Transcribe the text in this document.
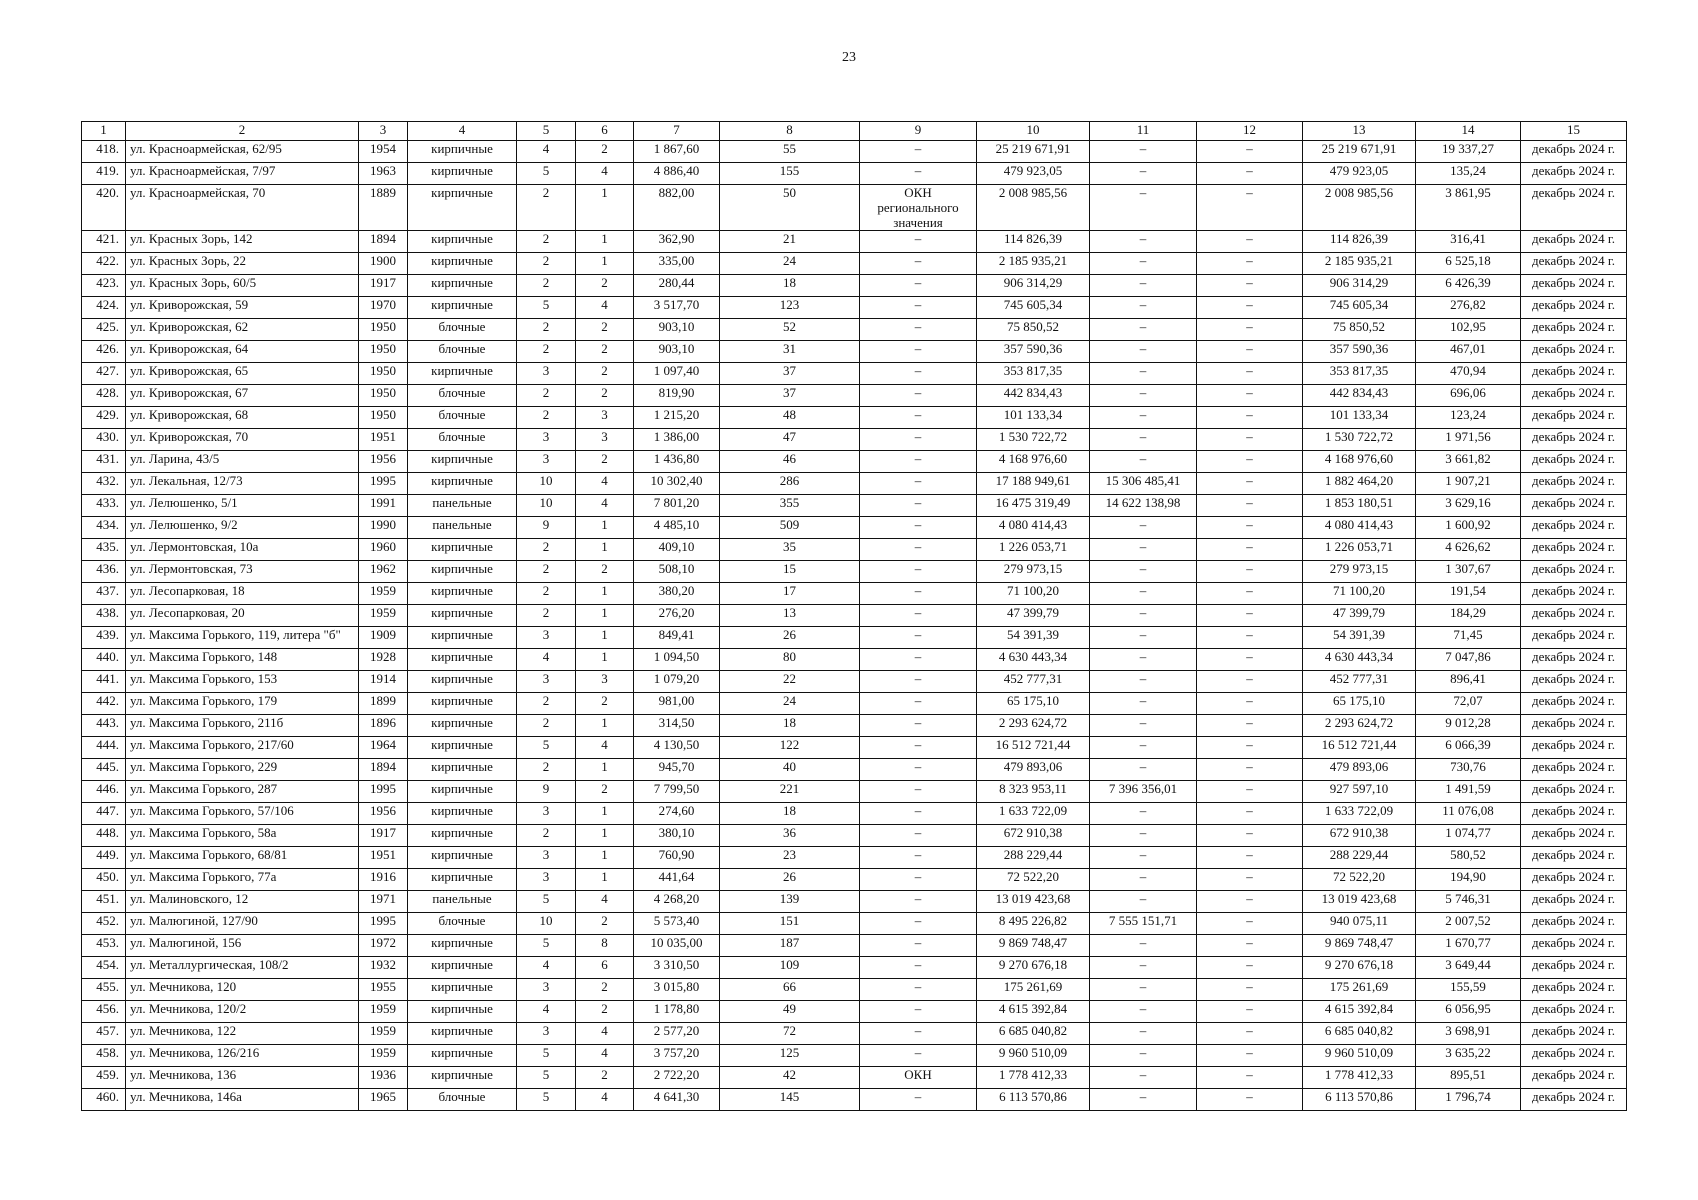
23
1	2	3	4	5	6	7	8	9	10	11	12	13	14	15
418.	ул. Красноармейская, 62/95	1954	кирпичные	4	2	1 867,60	55	–	25 219 671,91	–	–	25 219 671,91	19 337,27	декабрь 2024 г.
419.	ул. Красноармейская, 7/97	1963	кирпичные	5	4	4 886,40	155	–	479 923,05	–	–	479 923,05	135,24	декабрь 2024 г.
420.	ул. Красноармейская, 70	1889	кирпичные	2	1	882,00	50	ОКН регионального значения	2 008 985,56	–	–	2 008 985,56	3 861,95	декабрь 2024 г.
421.	ул. Красных Зорь, 142	1894	кирпичные	2	1	362,90	21	–	114 826,39	–	–	114 826,39	316,41	декабрь 2024 г.
422.	ул. Красных Зорь, 22	1900	кирпичные	2	1	335,00	24	–	2 185 935,21	–	–	2 185 935,21	6 525,18	декабрь 2024 г.
423.	ул. Красных Зорь, 60/5	1917	кирпичные	2	2	280,44	18	–	906 314,29	–	–	906 314,29	6 426,39	декабрь 2024 г.
424.	ул. Криворожская, 59	1970	кирпичные	5	4	3 517,70	123	–	745 605,34	–	–	745 605,34	276,82	декабрь 2024 г.
425.	ул. Криворожская, 62	1950	блочные	2	2	903,10	52	–	75 850,52	–	–	75 850,52	102,95	декабрь 2024 г.
426.	ул. Криворожская, 64	1950	блочные	2	2	903,10	31	–	357 590,36	–	–	357 590,36	467,01	декабрь 2024 г.
427.	ул. Криворожская, 65	1950	кирпичные	3	2	1 097,40	37	–	353 817,35	–	–	353 817,35	470,94	декабрь 2024 г.
428.	ул. Криворожская, 67	1950	блочные	2	2	819,90	37	–	442 834,43	–	–	442 834,43	696,06	декабрь 2024 г.
429.	ул. Криворожская, 68	1950	блочные	2	3	1 215,20	48	–	101 133,34	–	–	101 133,34	123,24	декабрь 2024 г.
430.	ул. Криворожская, 70	1951	блочные	3	3	1 386,00	47	–	1 530 722,72	–	–	1 530 722,72	1 971,56	декабрь 2024 г.
431.	ул. Ларина, 43/5	1956	кирпичные	3	2	1 436,80	46	–	4 168 976,60	–	–	4 168 976,60	3 661,82	декабрь 2024 г.
432.	ул. Лекальная, 12/73	1995	кирпичные	10	4	10 302,40	286	–	17 188 949,61	15 306 485,41	–	1 882 464,20	1 907,21	декабрь 2024 г.
433.	ул. Лелюшенко, 5/1	1991	панельные	10	4	7 801,20	355	–	16 475 319,49	14 622 138,98	–	1 853 180,51	3 629,16	декабрь 2024 г.
434.	ул. Лелюшенко, 9/2	1990	панельные	9	1	4 485,10	509	–	4 080 414,43	–	–	4 080 414,43	1 600,92	декабрь 2024 г.
435.	ул. Лермонтовская, 10а	1960	кирпичные	2	1	409,10	35	–	1 226 053,71	–	–	1 226 053,71	4 626,62	декабрь 2024 г.
436.	ул. Лермонтовская, 73	1962	кирпичные	2	2	508,10	15	–	279 973,15	–	–	279 973,15	1 307,67	декабрь 2024 г.
437.	ул. Лесопарковая, 18	1959	кирпичные	2	1	380,20	17	–	71 100,20	–	–	71 100,20	191,54	декабрь 2024 г.
438.	ул. Лесопарковая, 20	1959	кирпичные	2	1	276,20	13	–	47 399,79	–	–	47 399,79	184,29	декабрь 2024 г.
439.	ул. Максима Горького, 119, литера "б"	1909	кирпичные	3	1	849,41	26	–	54 391,39	–	–	54 391,39	71,45	декабрь 2024 г.
440.	ул. Максима Горького, 148	1928	кирпичные	4	1	1 094,50	80	–	4 630 443,34	–	–	4 630 443,34	7 047,86	декабрь 2024 г.
441.	ул. Максима Горького, 153	1914	кирпичные	3	3	1 079,20	22	–	452 777,31	–	–	452 777,31	896,41	декабрь 2024 г.
442.	ул. Максима Горького, 179	1899	кирпичные	2	2	981,00	24	–	65 175,10	–	–	65 175,10	72,07	декабрь 2024 г.
443.	ул. Максима Горького, 211б	1896	кирпичные	2	1	314,50	18	–	2 293 624,72	–	–	2 293 624,72	9 012,28	декабрь 2024 г.
444.	ул. Максима Горького, 217/60	1964	кирпичные	5	4	4 130,50	122	–	16 512 721,44	–	–	16 512 721,44	6 066,39	декабрь 2024 г.
445.	ул. Максима Горького, 229	1894	кирпичные	2	1	945,70	40	–	479 893,06	–	–	479 893,06	730,76	декабрь 2024 г.
446.	ул. Максима Горького, 287	1995	кирпичные	9	2	7 799,50	221	–	8 323 953,11	7 396 356,01	–	927 597,10	1 491,59	декабрь 2024 г.
447.	ул. Максима Горького, 57/106	1956	кирпичные	3	1	274,60	18	–	1 633 722,09	–	–	1 633 722,09	11 076,08	декабрь 2024 г.
448.	ул. Максима Горького, 58а	1917	кирпичные	2	1	380,10	36	–	672 910,38	–	–	672 910,38	1 074,77	декабрь 2024 г.
449.	ул. Максима Горького, 68/81	1951	кирпичные	3	1	760,90	23	–	288 229,44	–	–	288 229,44	580,52	декабрь 2024 г.
450.	ул. Максима Горького, 77а	1916	кирпичные	3	1	441,64	26	–	72 522,20	–	–	72 522,20	194,90	декабрь 2024 г.
451.	ул. Малиновского, 12	1971	панельные	5	4	4 268,20	139	–	13 019 423,68	–	–	13 019 423,68	5 746,31	декабрь 2024 г.
452.	ул. Малюгиной, 127/90	1995	блочные	10	2	5 573,40	151	–	8 495 226,82	7 555 151,71	–	940 075,11	2 007,52	декабрь 2024 г.
453.	ул. Малюгиной, 156	1972	кирпичные	5	8	10 035,00	187	–	9 869 748,47	–	–	9 869 748,47	1 670,77	декабрь 2024 г.
454.	ул. Металлургическая, 108/2	1932	кирпичные	4	6	3 310,50	109	–	9 270 676,18	–	–	9 270 676,18	3 649,44	декабрь 2024 г.
455.	ул. Мечникова, 120	1955	кирпичные	3	2	3 015,80	66	–	175 261,69	–	–	175 261,69	155,59	декабрь 2024 г.
456.	ул. Мечникова, 120/2	1959	кирпичные	4	2	1 178,80	49	–	4 615 392,84	–	–	4 615 392,84	6 056,95	декабрь 2024 г.
457.	ул. Мечникова, 122	1959	кирпичные	3	4	2 577,20	72	–	6 685 040,82	–	–	6 685 040,82	3 698,91	декабрь 2024 г.
458.	ул. Мечникова, 126/216	1959	кирпичные	5	4	3 757,20	125	–	9 960 510,09	–	–	9 960 510,09	3 635,22	декабрь 2024 г.
459.	ул. Мечникова, 136	1936	кирпичные	5	2	2 722,20	42	ОКН	1 778 412,33	–	–	1 778 412,33	895,51	декабрь 2024 г.
460.	ул. Мечникова, 146а	1965	блочные	5	4	4 641,30	145	–	6 113 570,86	–	–	6 113 570,86	1 796,74	декабрь 2024 г.
